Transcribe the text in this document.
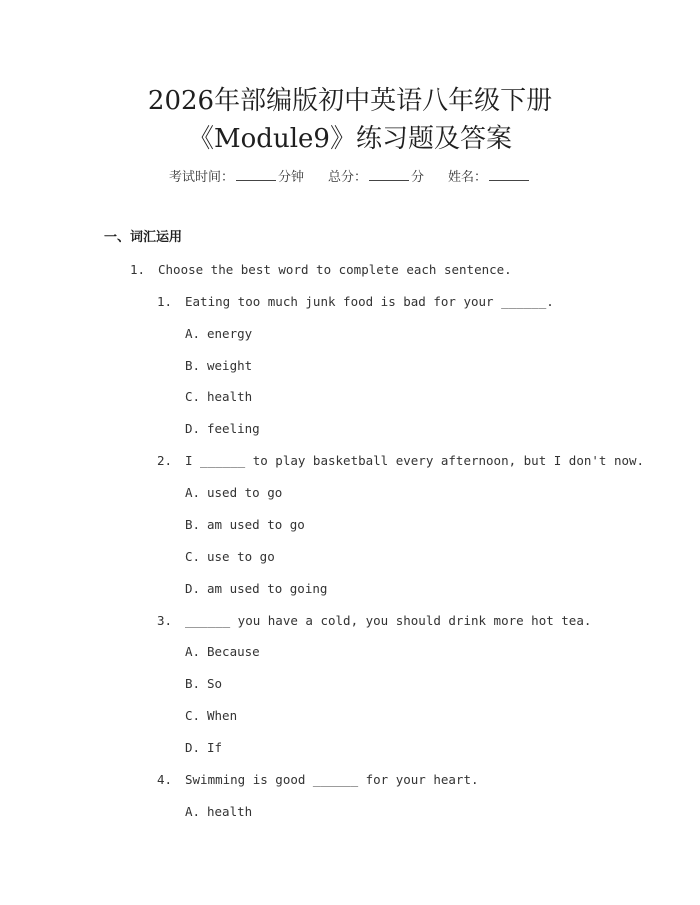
2026年部编版初中英语八年级下册
《Module9》练习题及答案
考试时间：	分钟 总分：	分 姓名：
一、词汇运用
1. Choose the best word to complete each sentence.
1. Eating too much junk food is bad for your ______.
A. energy
B. weight
C. health
D. feeling
2. I ______ to play basketball every afternoon, but I don't now.
A. used to go
B. am used to go
C. use to go
D. am used to going
3. ______ you have a cold, you should drink more hot tea.
A. Because
B. So
C. When
D. If
4. Swimming is good ______ for your heart.
A. health
